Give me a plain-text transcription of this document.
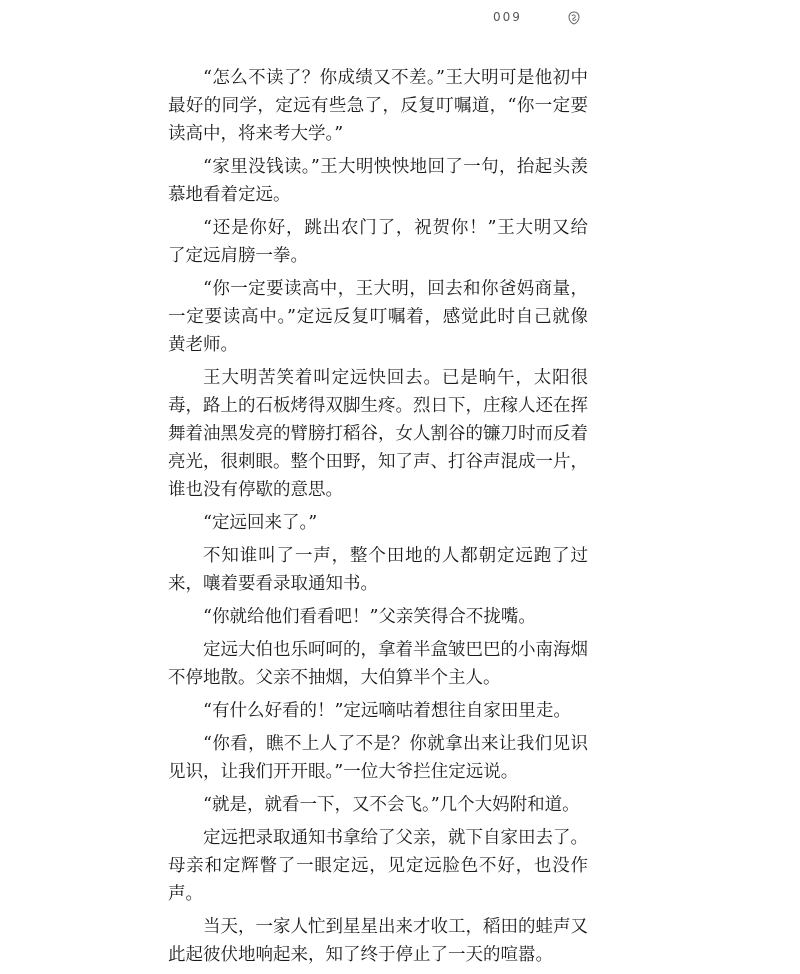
009

“怎么不读了？你成绩又不差。”王大明可是他初中最好的同学，定远有些急了，反复叮嘱道，“你一定要读高中，将来考大学。”

“家里没钱读。”王大明怏怏地回了一句，抬起头羡慕地看着定远。

“还是你好，跳出农门了，祝贺你！”王大明又给了定远肩膀一拳。

“你一定要读高中，王大明，回去和你爸妈商量，一定要读高中。”定远反复叮嘱着，感觉此时自己就像黄老师。

王大明苦笑着叫定远快回去。已是晌午，太阳很毒，路上的石板烤得双脚生疼。烈日下，庄稼人还在挥舞着油黑发亮的臂膀打稻谷，女人割谷的镰刀时而反着亮光，很刺眼。整个田野，知了声、打谷声混成一片，谁也没有停歇的意思。

“定远回来了。”

不知谁叫了一声，整个田地的人都朝定远跑了过来，嚷着要看录取通知书。

“你就给他们看看吧！”父亲笑得合不拢嘴。

定远大伯也乐呵呵的，拿着半盒皱巴巴的小南海烟不停地散。父亲不抽烟，大伯算半个主人。

“有什么好看的！”定远嘀咕着想往自家田里走。

“你看，瞧不上人了不是？你就拿出来让我们见识见识，让我们开开眼。”一位大爷拦住定远说。

“就是，就看一下，又不会飞。”几个大妈附和道。

定远把录取通知书拿给了父亲，就下自家田去了。母亲和定辉瞥了一眼定远，见定远脸色不好，也没作声。

当天，一家人忙到星星出来才收工，稻田的蛙声又此起彼伏地响起来，知了终于停止了一天的喧嚣。
